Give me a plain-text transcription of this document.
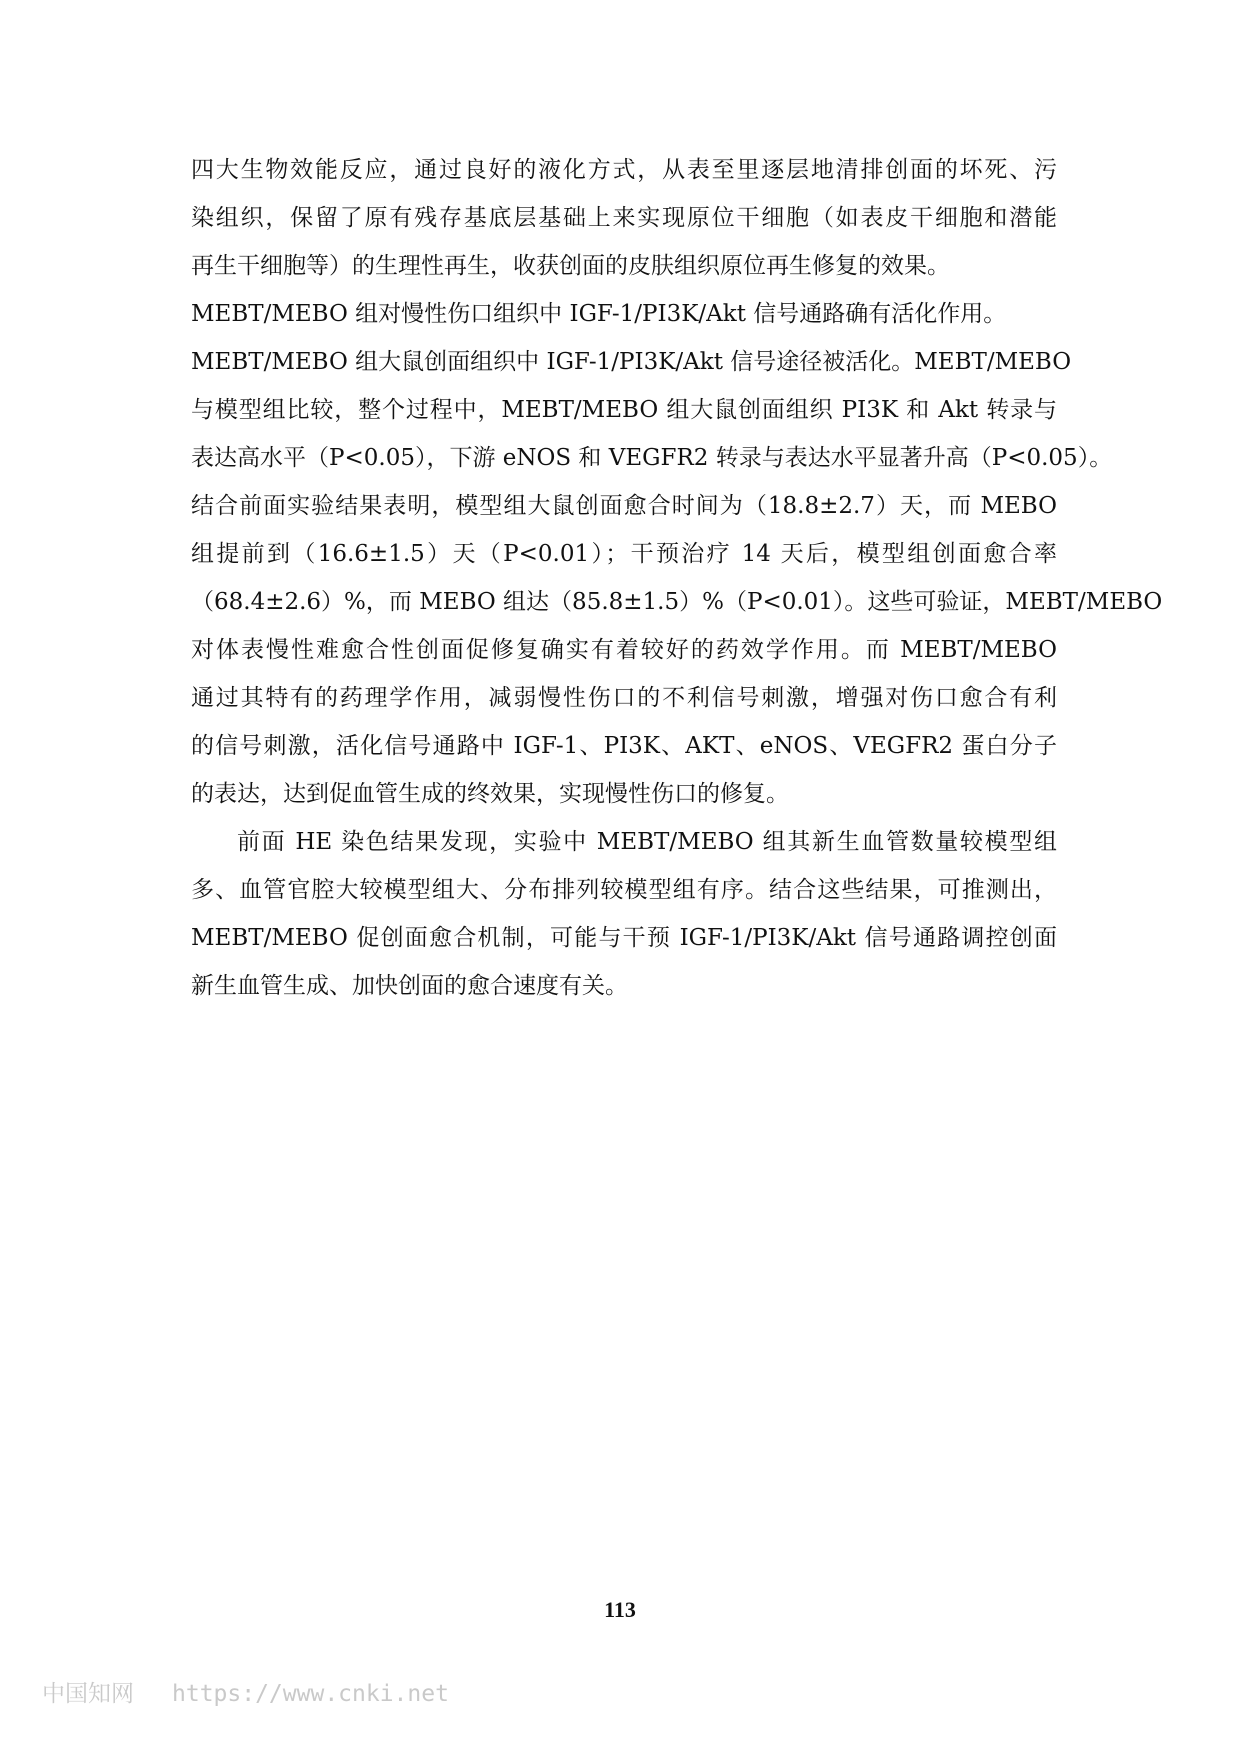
四大生物效能反应，通过良好的液化方式，从表至里逐层地清排创面的坏死、污
染组织，保留了原有残存基底层基础上来实现原位干细胞（如表皮干细胞和潜能
再生干细胞等）的生理性再生，收获创面的皮肤组织原位再生修复的效果。
MEBT/MEBO 组对慢性伤口组织中 IGF-1/PI3K/Akt 信号通路确有活化作用。
MEBT/MEBO 组大鼠创面组织中 IGF-1/PI3K/Akt 信号途径被活化。MEBT/MEBO
与模型组比较，整个过程中，MEBT/MEBO 组大鼠创面组织 PI3K 和 Akt 转录与
表达高水平（P<0.05），下游 eNOS 和 VEGFR2 转录与表达水平显著升高（P<0.05）。
结合前面实验结果表明，模型组大鼠创面愈合时间为（18.8±2.7）天，而 MEBO
组提前到（16.6±1.5）天（P<0.01）；干预治疗 14 天后，模型组创面愈合率
（68.4±2.6）%，而 MEBO 组达（85.8±1.5）%（P<0.01）。这些可验证，MEBT/MEBO
对体表慢性难愈合性创面促修复确实有着较好的药效学作用。而 MEBT/MEBO
通过其特有的药理学作用，减弱慢性伤口的不利信号刺激，增强对伤口愈合有利
的信号刺激，活化信号通路中 IGF-1、PI3K、AKT、eNOS、VEGFR2 蛋白分子
的表达，达到促血管生成的终效果，实现慢性伤口的修复。
前面 HE 染色结果发现，实验中 MEBT/MEBO 组其新生血管数量较模型组
多、血管官腔大较模型组大、分布排列较模型组有序。结合这些结果，可推测出，
MEBT/MEBO 促创面愈合机制，可能与干预 IGF-1/PI3K/Akt 信号通路调控创面
新生血管生成、加快创面的愈合速度有关。
113
中国知网 https://www.cnki.net
